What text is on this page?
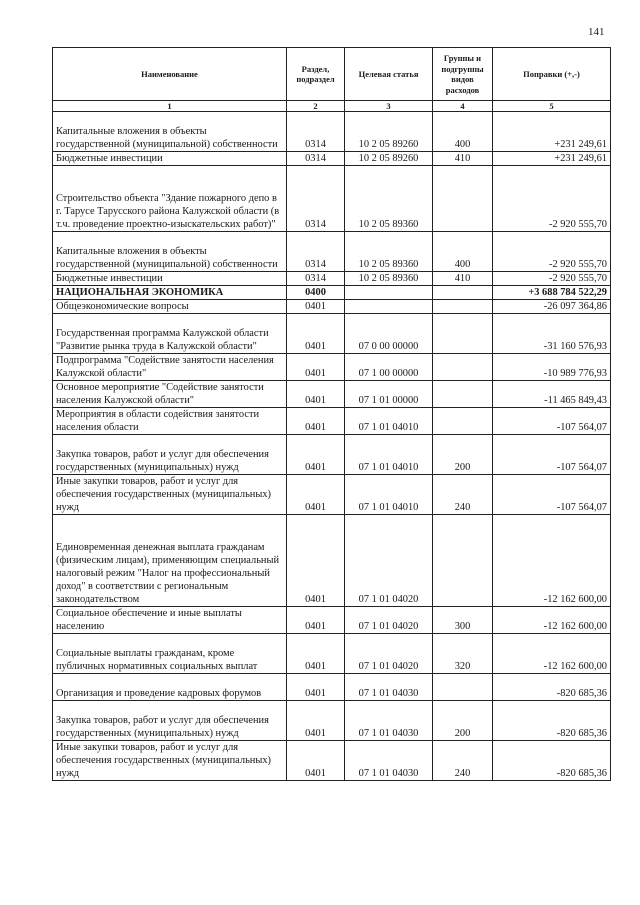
141
Наименование	Раздел, подраздел	Целевая статья	Группы и подгруппы видов расходов	Поправки (+,-)
1	2	3	4	5
Капитальные вложения в объекты государственной (муниципальной) собственности	0314	10 2 05 89260	400	+231 249,61
Бюджетные инвестиции	0314	10 2 05 89260	410	+231 249,61
Строительство объекта "Здание пожарного депо в г. Тарусе Тарусского района Калужской области (в т.ч. проведение проектно-изыскательских работ)"	0314	10 2 05 89360		-2 920 555,70
Капитальные вложения в объекты государственной (муниципальной) собственности	0314	10 2 05 89360	400	-2 920 555,70
Бюджетные инвестиции	0314	10 2 05 89360	410	-2 920 555,70
НАЦИОНАЛЬНАЯ ЭКОНОМИКА	0400			+3 688 784 522,29
Общеэкономические вопросы	0401			-26 097 364,86
Государственная программа Калужской области "Развитие рынка труда в Калужской области"	0401	07 0 00 00000		-31 160 576,93
Подпрограмма "Содействие занятости населения Калужской области"	0401	07 1 00 00000		-10 989 776,93
Основное мероприятие "Содействие занятости населения Калужской области"	0401	07 1 01 00000		-11 465 849,43
Мероприятия в области содействия занятости населения области	0401	07 1 01 04010		-107 564,07
Закупка товаров, работ и услуг для обеспечения государственных (муниципальных) нужд	0401	07 1 01 04010	200	-107 564,07
Иные закупки товаров, работ и услуг для обеспечения государственных (муниципальных) нужд	0401	07 1 01 04010	240	-107 564,07
Единовременная денежная выплата гражданам (физическим лицам), применяющим специальный налоговый режим "Налог на профессиональный доход" в соответствии с региональным законодательством	0401	07 1 01 04020		-12 162 600,00
Социальное обеспечение и иные выплаты населению	0401	07 1 01 04020	300	-12 162 600,00
Социальные выплаты гражданам, кроме публичных нормативных социальных выплат	0401	07 1 01 04020	320	-12 162 600,00
Организация и проведение кадровых форумов	0401	07 1 01 04030		-820 685,36
Закупка товаров, работ и услуг для обеспечения государственных (муниципальных) нужд	0401	07 1 01 04030	200	-820 685,36
Иные закупки товаров, работ и услуг для обеспечения государственных (муниципальных) нужд	0401	07 1 01 04030	240	-820 685,36
